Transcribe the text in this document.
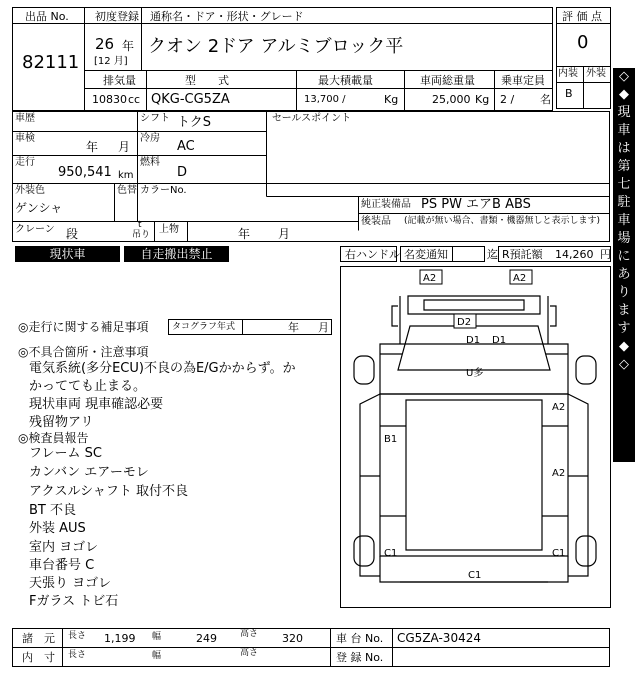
出品 No.
82111
初度登録
26 年
[12 月]
通称名・ドア・形状・グレード
クオン 2ドア アルミブロック平
評 価 点
0
内装 外装
B
排気量
10830 cc
型　　式
QKG-CG5ZA
最大積載量
13,700 /	Kg
車両総重量
25,000 Kg
乗車定員
2 / 名
車歴	シフト トクS	セールスポイント
車検
年 月
冷房
AC
走行
950,541 km
燃料
D
外装色
ゲンシャ
色替 カラーNo.
純正装備品 PS PW エアB ABS
後装品 (記載が無い場合、書類・機器無しと表示します)
クレーン 段
t
吊り 上物	年 月
現状車	自走搬出禁止	右ハンドル 名変通知	迄 R預託額 14,260 円
◎走行に関する補足事項	タコグラフ年式	年 月
◎不具合箇所・注意事項
電気系統(多分ECU)不良の為E/Gかからず。か
かってても止まる。
現状車両 現車確認必要
残留物アリ
◎検査員報告
フレーム SC
カンバン エアーモレ
アクスルシャフト 取付不良
BT 不良
外装 AUS
室内 ヨゴレ
車台番号 C
天張り ヨゴレ
Fガラス トビ石
A2	A2
D2
D1 D1
U多
A2
B1
A2
C1	C1
C1
◇
◆
現
車
は
第
七
駐
車
場
に
あ
り
ま
す
◆
◇
諸　元 長さ 1,199 幅	249	高さ 320	車 台 No. CG5ZA-30424
内　寸 長さ	幅	高さ	登 録 No.
